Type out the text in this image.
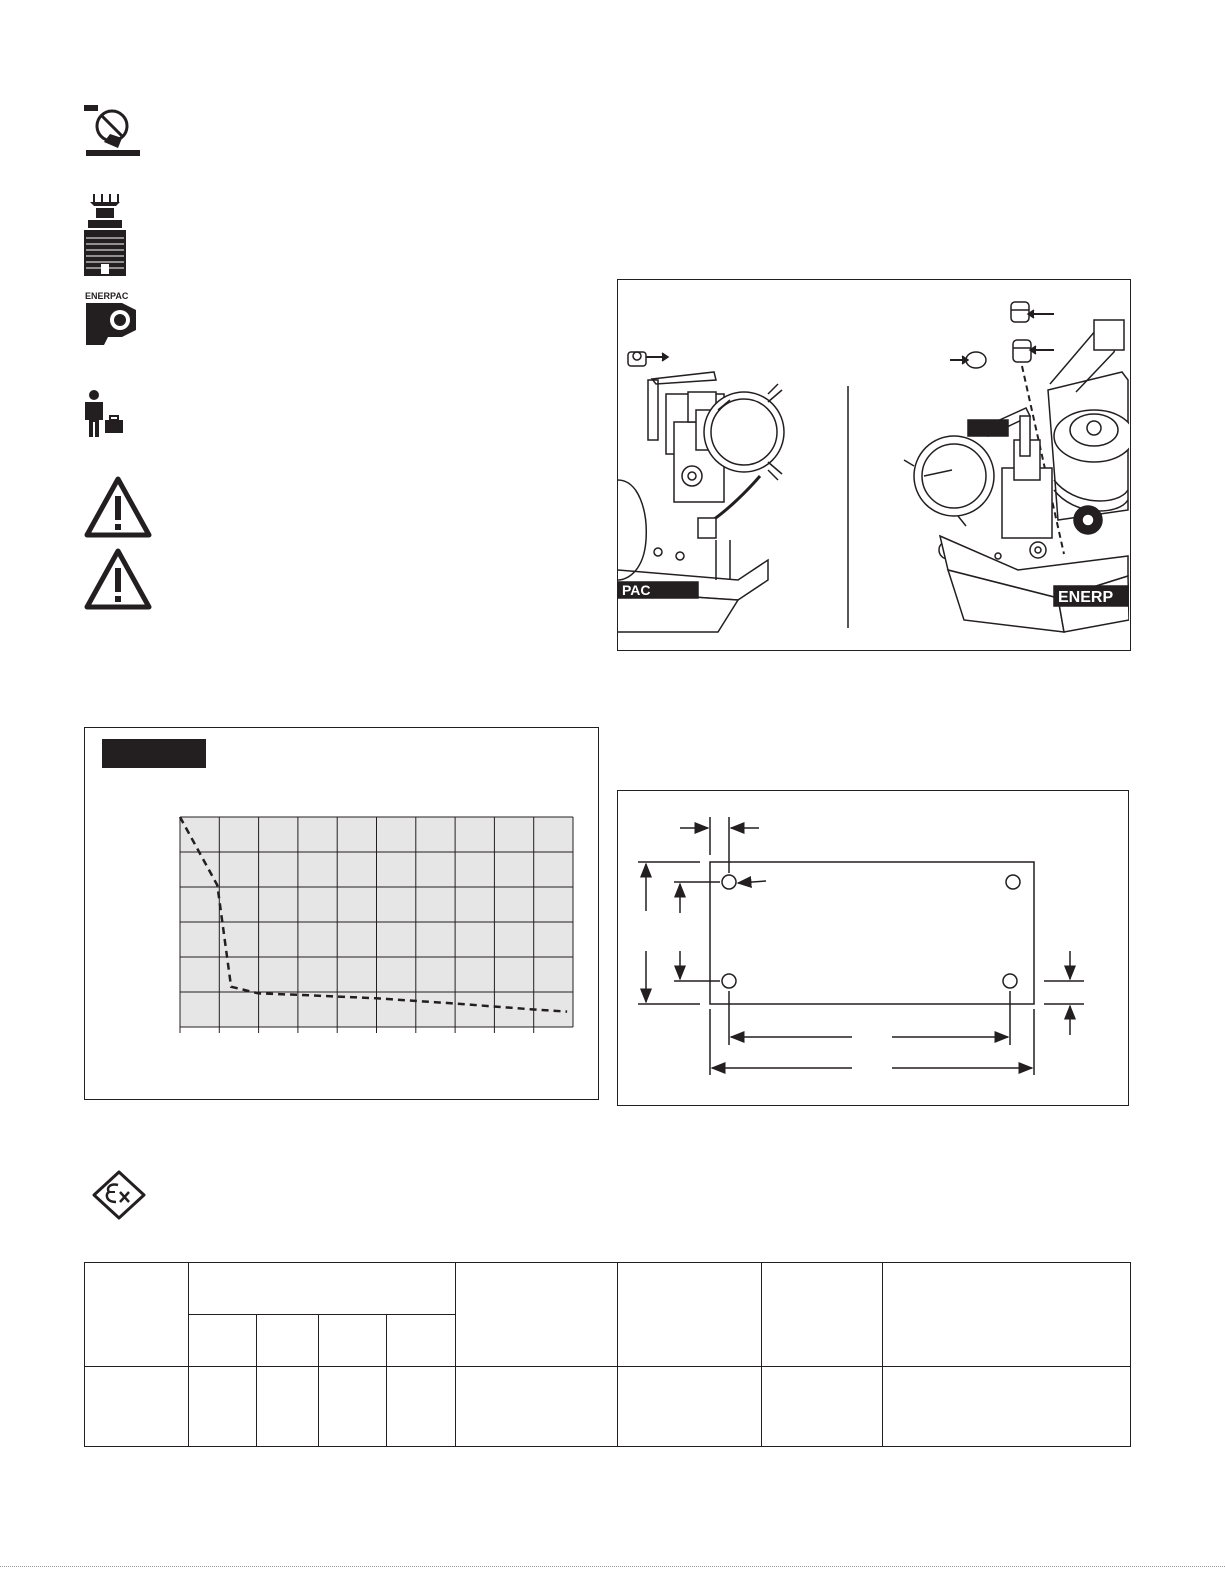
ENERPAC
PAC	ENERP
